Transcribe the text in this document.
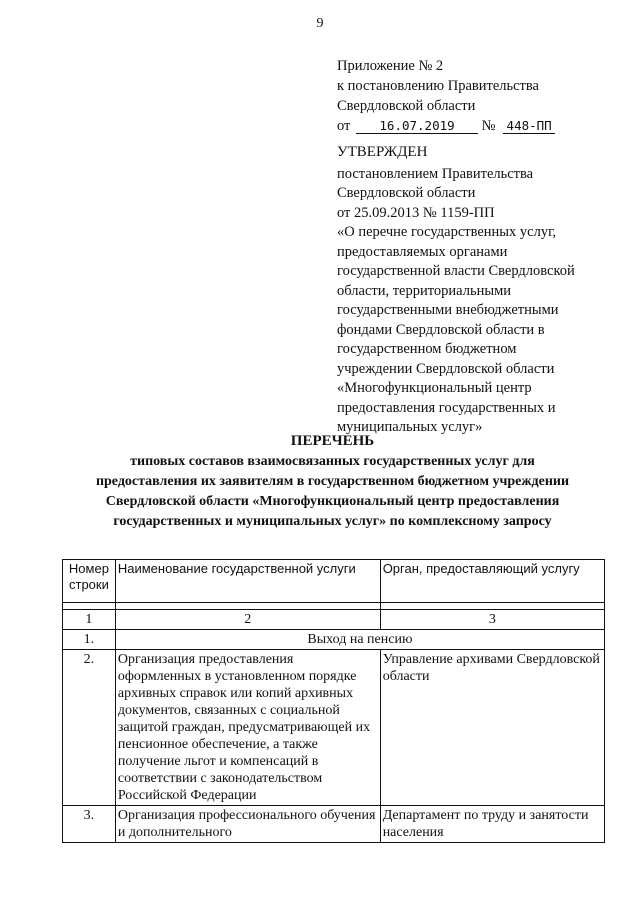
9
Приложение № 2
к постановлению Правительства
Свердловской области
от 16.07.2019 № 448-ПП
УТВЕРЖДЕН
постановлением Правительства
Свердловской области
от 25.09.2013 № 1159-ПП
«О перечне государственных услуг,
предоставляемых органами
государственной власти Свердловской
области, территориальными
государственными внебюджетными
фондами Свердловской области в
государственном бюджетном
учреждении Свердловской области
«Многофункциональный центр
предоставления государственных и
муниципальных услуг»
ПЕРЕЧЕНЬ
типовых составов взаимосвязанных государственных услуг для
предоставления их заявителям в государственном бюджетном учреждении
Свердловской области «Многофункциональный центр предоставления
государственных и муниципальных услуг» по комплексному запросу
Номер строки	Наименование государственной услуги	Орган, предоставляющий услугу

1	2	3
1.	Выход на пенсию	
2.	Организация предоставления оформленных в установленном порядке архивных справок или копий архивных документов, связанных с социальной защитой граждан, предусматривающей их пенсионное обеспечение, а также получение льгот и компенсаций в соответствии с законодательством Российской Федерации	Управление архивами Свердловской области
3.	Организация профессионального обучения и дополнительного	Департамент по труду и занятости населения
